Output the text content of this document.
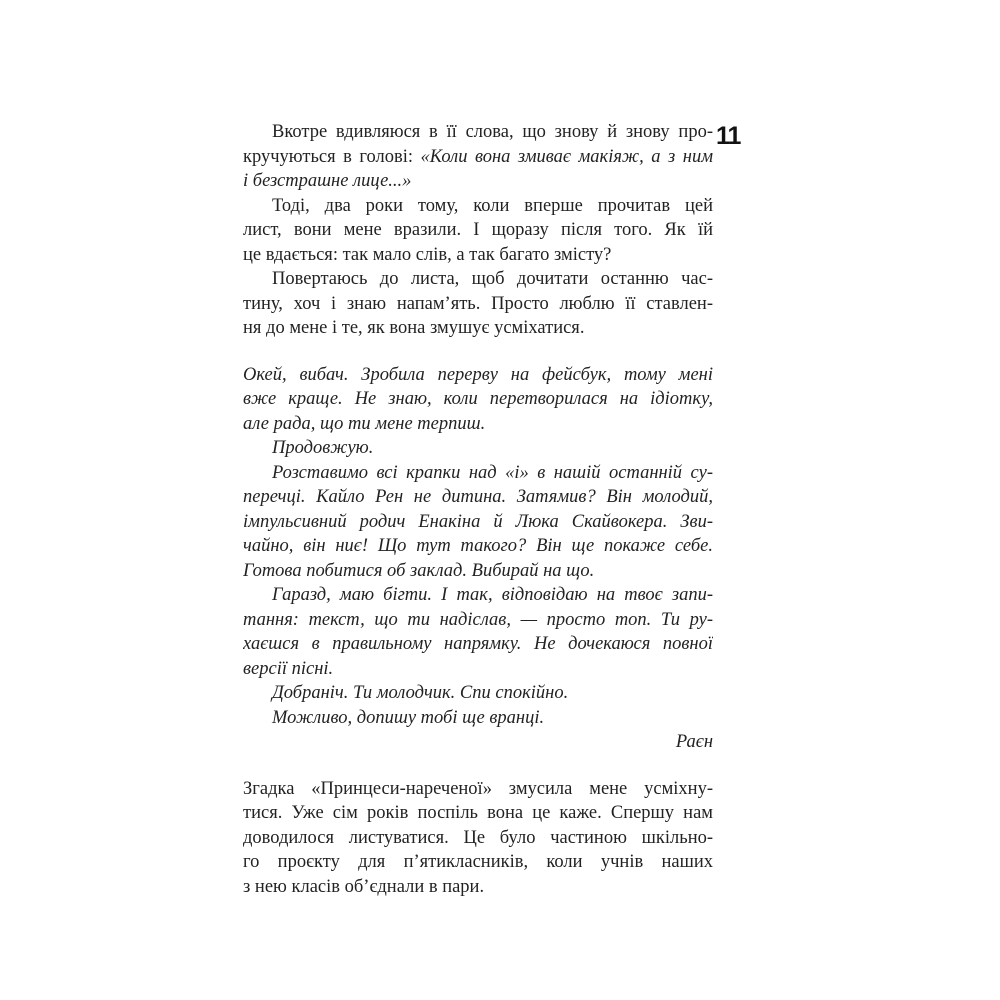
11
Вкотре вдивляюся в її слова, що знову й знову про-
кручуються в голові: «Коли вона змиває макіяж, а з ним
і безстрашне лице...»
Тоді, два роки тому, коли вперше прочитав цей
лист, вони мене вразили. І щоразу після того. Як їй
це вдається: так мало слів, а так багато змісту?
Повертаюсь до листа, щоб дочитати останню час-
тину, хоч і знаю напам’ять. Просто люблю її ставлен-
ня до мене і те, як вона змушує усміхатися.
Окей, вибач. Зробила перерву на фейсбук, тому мені
вже краще. Не знаю, коли перетворилася на ідіотку,
але рада, що ти мене терпиш.
Продовжую.
Розставимо всі крапки над «і» в нашій останній су-
перечці. Кайло Рен не дитина. Затямив? Він молодий,
імпульсивний родич Енакіна й Люка Скайвокера. Зви-
чайно, він ниє! Що тут такого? Він ще покаже себе.
Готова побитися об заклад. Вибирай на що.
Гаразд, маю бігти. І так, відповідаю на твоє запи-
тання: текст, що ти надіслав, — просто топ. Ти ру-
хаєшся в правильному напрямку. Не дочекаюся повної
версії пісні.
Добраніч. Ти молодчик. Спи спокійно.
Можливо, допишу тобі ще вранці.
Раєн
Згадка «Принцеси-нареченої» змусила мене усміхну-
тися. Уже сім років поспіль вона це каже. Спершу нам
доводилося листуватися. Це було частиною шкільно-
го проєкту для п’ятикласників, коли учнів наших
з нею класів об’єднали в пари.
